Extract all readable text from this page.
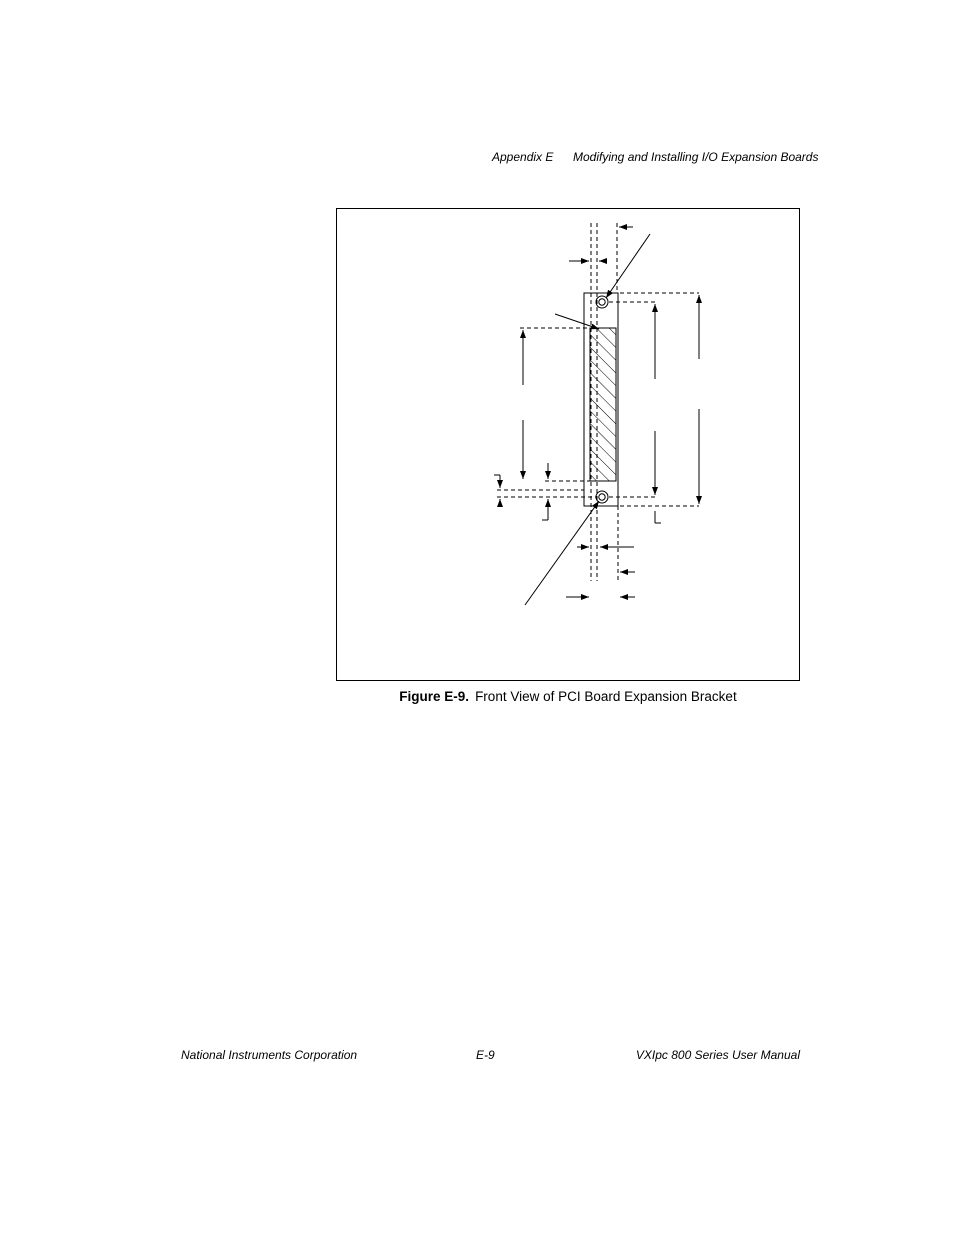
Appendix E Modifying and Installing I/O Expansion Boards
Figure E-9. Front View of PCI Board Expansion Bracket
National Instruments Corporation	E-9	VXIpc 800 Series User Manual
